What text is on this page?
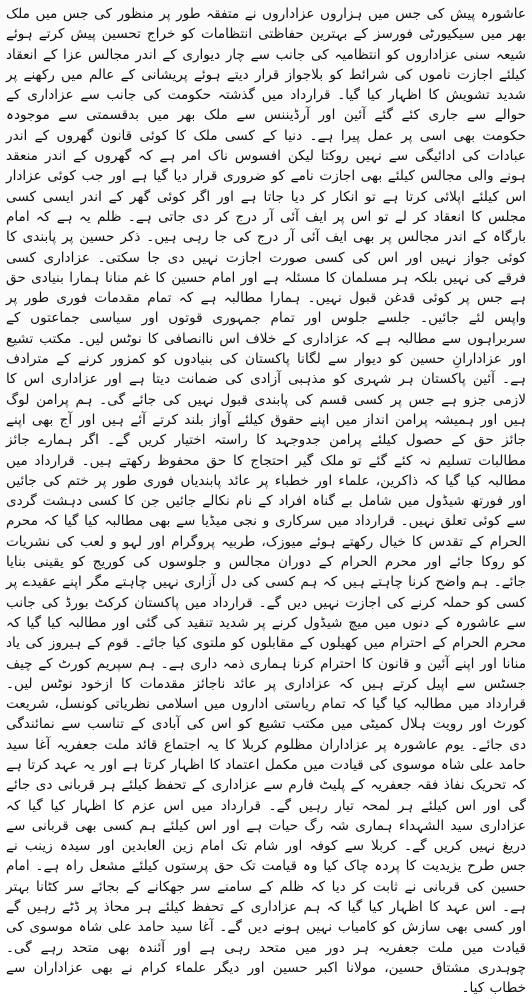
عاشورہ پیش کی جس میں ہزاروں عزاداروں نے متفقہ طور پر منظور کی جس میں ملک بھر میں سیکیورٹی فورسز کے بہترین حفاظتی انتظامات کو خراج تحسین پیش کرتے ہوئے شیعہ سنی عزاداروں کو انتظامیہ کی جانب سے چار دیواری کے اندر مجالس عزا کے انعقاد کیلئے اجازت ناموں کی شرائط کو بلاجواز قرار دیتے ہوئے پریشانی کے عالم میں رکھنے پر شدید تشویش کا اظہار کیا گیا۔ قرارداد میں گذشتہ حکومت کی جانب سے عزاداری کے حوالے سے جاری کئے گئے آئین اور آرڈیننس سے ملک بھر میں بدقسمتی سے موجودہ حکومت بھی اسی پر عمل پیرا ہے۔ دنیا کے کسی ملک کا کوئی قانون گھروں کے اندر عبادات کی ادائیگی سے نہیں روکتا لیکن افسوس ناک امر ہے کہ گھروں کے اندر منعقد ہونے والی مجالس کیلئے بھی اجازت نامے کو ضروری قرار دیا گیا ہے اور جب کوئی عزادار اس کیلئے اپلائی کرتا ہے تو انکار کر دیا جاتا ہے اور اگر کوئی گھر کے اندر ایسی کسی مجلس کا انعقاد کر لے تو اس پر ایف آئی آر درج کر دی جاتی ہے۔ ظلم یہ ہے کہ امام بارگاہ کے اندر مجالس پر بھی ایف آئی آر درج کی جا رہی ہیں۔ ذکر حسین پر پابندی کا کوئی جواز نہیں اور اس کی کسی صورت اجازت نہیں دی جا سکتی۔ عزاداری کسی فرقے کی نہیں بلکہ ہر مسلمان کا مسئلہ ہے اور امام حسین کا غم منانا ہمارا بنیادی حق ہے جس پر کوئی قدغن قبول نہیں۔ ہمارا مطالبہ ہے کہ تمام مقدمات فوری طور پر واپس لئے جائیں۔ جلسے جلوس اور تمام جمہوری قوتوں اور سیاسی جماعتوں کے سربراہوں سے مطالبہ ہے کہ عزاداری کے خلاف اس ناانصافی کا نوٹس لیں۔ مکتب تشیع اور عزادارانِ حسین کو دیوار سے لگانا پاکستان کی بنیادوں کو کمزور کرنے کے مترادف ہے۔ آئین پاکستان ہر شہری کو مذہبی آزادی کی ضمانت دیتا ہے اور عزاداری اس کا لازمی جزو ہے جس پر کسی قسم کی پابندی قبول نہیں کی جائے گی۔ ہم پرامن لوگ ہیں اور ہمیشہ پرامن انداز میں اپنے حقوق کیلئے آواز بلند کرتے آئے ہیں اور آج بھی اپنے جائز حق کے حصول کیلئے پرامن جدوجہد کا راستہ اختیار کریں گے۔ اگر ہمارے جائز مطالبات تسلیم نہ کئے گئے تو ملک گیر احتجاج کا حق محفوظ رکھتے ہیں۔ قرارداد میں مطالبہ کیا گیا کہ ذاکرین، علماء اور خطباء پر عائد پابندیاں فوری طور پر ختم کی جائیں اور فورتھ شیڈول میں شامل بے گناہ افراد کے نام نکالے جائیں جن کا کسی دہشت گردی سے کوئی تعلق نہیں۔ قرارداد میں سرکاری و نجی میڈیا سے بھی مطالبہ کیا گیا کہ محرم الحرام کے تقدس کا خیال رکھتے ہوئے میوزک، طربیہ پروگرام اور لہو و لعب کی نشریات کو روکا جائے اور محرم الحرام کے دوران مجالس و جلوسوں کی کوریج کو یقینی بنایا جائے۔ ہم واضح کرنا چاہتے ہیں کہ ہم کسی کی دل آزاری نہیں چاہتے مگر اپنے عقیدے پر کسی کو حملہ کرنے کی اجازت نہیں دیں گے۔ قرارداد میں پاکستان کرکٹ بورڈ کی جانب سے عاشورہ کے دنوں میں میچ شیڈول کرنے پر شدید تنقید کی گئی اور مطالبہ کیا گیا کہ محرم الحرام کے احترام میں کھیلوں کے مقابلوں کو ملتوی کیا جائے۔ قوم کے ہیروز کی یاد منانا اور اپنے آئین و قانون کا احترام کرنا ہماری ذمہ داری ہے۔ ہم سپریم کورٹ کے چیف جسٹس سے اپیل کرتے ہیں کہ عزاداری پر عائد ناجائز مقدمات کا ازخود نوٹس لیں۔ قرارداد میں مطالبہ کیا گیا کہ تمام ریاستی اداروں میں اسلامی نظریاتی کونسل، شریعت کورٹ اور رویت ہلال کمیٹی میں مکتب تشیع کو اس کی آبادی کے تناسب سے نمائندگی دی جائے۔ یوم عاشورہ پر عزاداران مظلوم کربلا کا یہ اجتماع قائد ملت جعفریہ آغا سید حامد علی شاہ موسوی کی قیادت میں مکمل اعتماد کا اظہار کرتا ہے اور یہ عہد کرتا ہے کہ تحریک نفاذ فقہ جعفریہ کے پلیٹ فارم سے عزاداری کے تحفظ کیلئے ہر قربانی دی جائے گی اور اس کیلئے ہر لمحہ تیار رہیں گے۔ قرارداد میں اس عزم کا اظہار کیا گیا کہ عزاداری سید الشہداء ہماری شہ رگ حیات ہے اور اس کیلئے ہم کسی بھی قربانی سے دریغ نہیں کریں گے۔ کربلا سے کوفہ اور شام تک امام زین العابدین اور سیدہ زینب نے جس طرح یزیدیت کا پردہ چاک کیا وہ قیامت تک حق پرستوں کیلئے مشعل راہ ہے۔ امام حسین کی قربانی نے ثابت کر دیا کہ ظلم کے سامنے سر جھکانے کے بجائے سر کٹانا بہتر ہے۔ اس عہد کا اظہار کیا گیا کہ ہم عزاداری کے تحفظ کیلئے ہر محاذ پر ڈٹے رہیں گے اور کسی بھی سازش کو کامیاب نہیں ہونے دیں گے۔ آغا سید حامد علی شاہ موسوی کی قیادت میں ملت جعفریہ ہر دور میں متحد رہی ہے اور آئندہ بھی متحد رہے گی۔ چوہدری مشتاق حسین، مولانا اکبر حسین اور دیگر علماء کرام نے بھی عزاداران سے خطاب کیا۔
